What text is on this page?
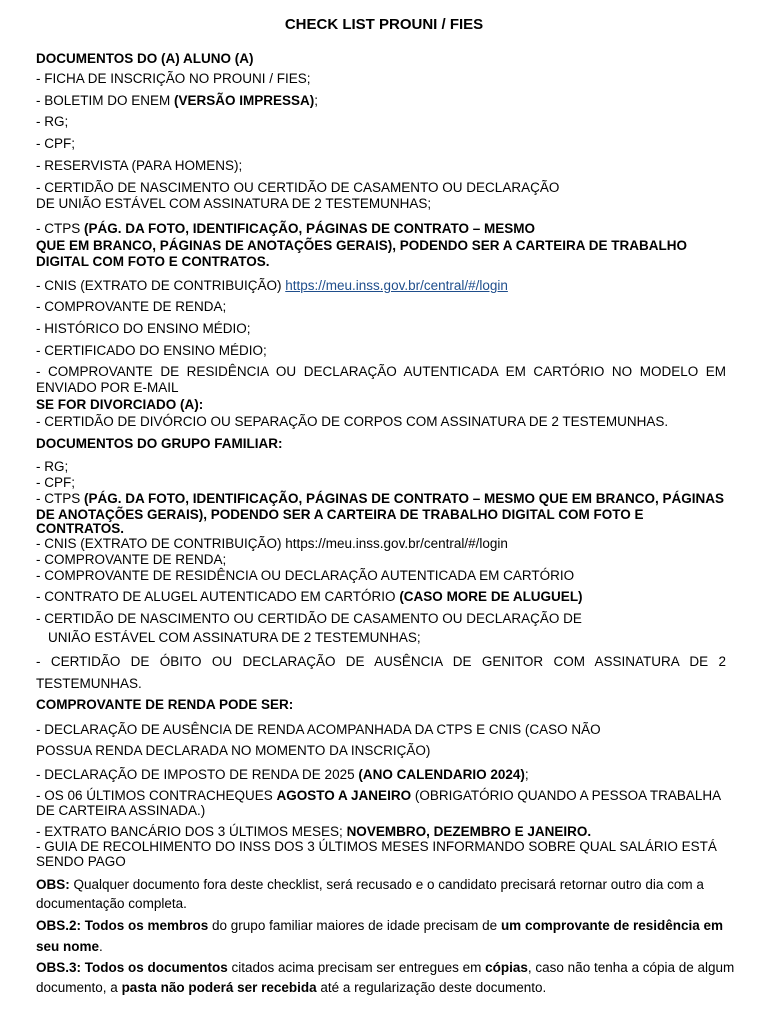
CHECK LIST PROUNI / FIES
DOCUMENTOS DO (A) ALUNO (A)
- FICHA DE INSCRIÇÃO NO PROUNI / FIES;
- BOLETIM DO ENEM (VERSÃO IMPRESSA);
- RG;
- CPF;
- RESERVISTA (PARA HOMENS);
- CERTIDÃO DE NASCIMENTO OU CERTIDÃO DE CASAMENTO OU DECLARAÇÃO
DE UNIÃO ESTÁVEL COM ASSINATURA DE 2 TESTEMUNHAS;
- CTPS (PÁG. DA FOTO, IDENTIFICAÇÃO, PÁGINAS DE CONTRATO – MESMO
QUE EM BRANCO, PÁGINAS DE ANOTAÇÕES GERAIS), PODENDO SER A CARTEIRA DE TRABALHO
DIGITAL COM FOTO E CONTRATOS.
- CNIS (EXTRATO DE CONTRIBUIÇÃO) https://meu.inss.gov.br/central/#/login
- COMPROVANTE DE RENDA;
- HISTÓRICO DO ENSINO MÉDIO;
- CERTIFICADO DO ENSINO MÉDIO;
- COMPROVANTE DE RESIDÊNCIA OU DECLARAÇÃO AUTENTICADA EM CARTÓRIO NO MODELO EM
ENVIADO POR E-MAIL
SE FOR DIVORCIADO (A):
- CERTIDÃO DE DIVÓRCIO OU SEPARAÇÃO DE CORPOS COM ASSINATURA DE 2 TESTEMUNHAS.
DOCUMENTOS DO GRUPO FAMILIAR:
- RG;
- CPF;
- CTPS (PÁG. DA FOTO, IDENTIFICAÇÃO, PÁGINAS DE CONTRATO – MESMO QUE EM BRANCO, PÁGINAS
DE ANOTAÇÕES GERAIS), PODENDO SER A CARTEIRA DE TRABALHO DIGITAL COM FOTO E
CONTRATOS.
- CNIS (EXTRATO DE CONTRIBUIÇÃO) https://meu.inss.gov.br/central/#/login
- COMPROVANTE DE RENDA;
- COMPROVANTE DE RESIDÊNCIA OU DECLARAÇÃO AUTENTICADA EM CARTÓRIO
- CONTRATO DE ALUGEL AUTENTICADO EM CARTÓRIO (CASO MORE DE ALUGUEL)
- CERTIDÃO DE NASCIMENTO OU CERTIDÃO DE CASAMENTO OU DECLARAÇÃO DE
UNIÃO ESTÁVEL COM ASSINATURA DE 2 TESTEMUNHAS;
- CERTIDÃO DE ÓBITO OU DECLARAÇÃO DE AUSÊNCIA DE GENITOR COM ASSINATURA DE 2
TESTEMUNHAS.
COMPROVANTE DE RENDA PODE SER:
- DECLARAÇÃO DE AUSÊNCIA DE RENDA ACOMPANHADA DA CTPS E CNIS (CASO NÃO
POSSUA RENDA DECLARADA NO MOMENTO DA INSCRIÇÃO)
- DECLARAÇÃO DE IMPOSTO DE RENDA DE 2025 (ANO CALENDARIO 2024);
- OS 06 ÚLTIMOS CONTRACHEQUES AGOSTO A JANEIRO (OBRIGATÓRIO QUANDO A PESSOA TRABALHA
DE CARTEIRA ASSINADA.)
- EXTRATO BANCÁRIO DOS 3 ÚLTIMOS MESES; NOVEMBRO, DEZEMBRO E JANEIRO.
- GUIA DE RECOLHIMENTO DO INSS DOS 3 ÚLTIMOS MESES INFORMANDO SOBRE QUAL SALÁRIO ESTÁ
SENDO PAGO
OBS: Qualquer documento fora deste checklist, será recusado e o candidato precisará retornar outro dia com a
documentação completa.
OBS.2: Todos os membros do grupo familiar maiores de idade precisam de um comprovante de residência em
seu nome.
OBS.3: Todos os documentos citados acima precisam ser entregues em cópias, caso não tenha a cópia de algum
documento, a pasta não poderá ser recebida até a regularização deste documento.
